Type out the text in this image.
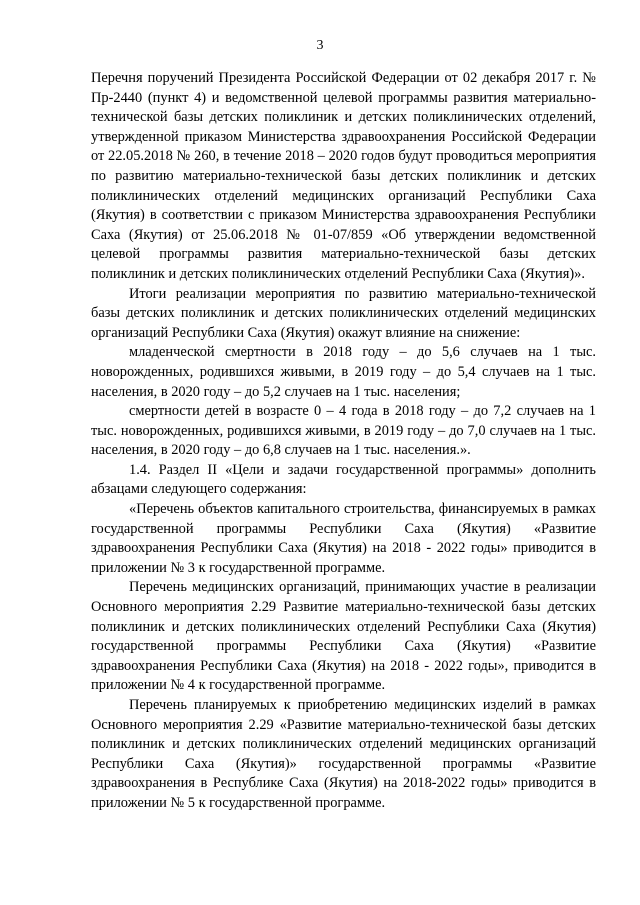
3

Перечня поручений Президента Российской Федерации от 02 декабря 2017 г. № Пр-2440 (пункт 4) и ведомственной целевой программы развития материально-технической базы детских поликлиник и детских поликлинических отделений, утвержденной приказом Министерства здравоохранения Российской Федерации от 22.05.2018 № 260, в течение 2018 – 2020 годов будут проводиться мероприятия по развитию материально-технической базы детских поликлиник и детских поликлинических отделений медицинских организаций Республики Саха (Якутия) в соответствии с приказом Министерства здравоохранения Республики Саха (Якутия) от 25.06.2018 № 01-07/859 «Об утверждении ведомственной целевой программы развития материально-технической базы детских поликлиник и детских поликлинических отделений Республики Саха (Якутия)».

Итоги реализации мероприятия по развитию материально-технической базы детских поликлиник и детских поликлинических отделений медицинских организаций Республики Саха (Якутия) окажут влияние на снижение:

младенческой смертности в 2018 году – до 5,6 случаев на 1 тыс. новорожденных, родившихся живыми, в 2019 году – до 5,4 случаев на 1 тыс. населения, в 2020 году – до 5,2 случаев на 1 тыс. населения;

смертности детей в возрасте 0 – 4 года в 2018 году – до 7,2 случаев на 1 тыс. новорожденных, родившихся живыми, в 2019 году – до 7,0 случаев на 1 тыс. населения, в 2020 году – до 6,8 случаев на 1 тыс. населения.».

1.4. Раздел II «Цели и задачи государственной программы» дополнить абзацами следующего содержания:

«Перечень объектов капитального строительства, финансируемых в рамках государственной программы Республики Саха (Якутия) «Развитие здравоохранения Республики Саха (Якутия) на 2018 - 2022 годы» приводится в приложении № 3 к государственной программе.

Перечень медицинских организаций, принимающих участие в реализации Основного мероприятия 2.29 Развитие материально-технической базы детских поликлиник и детских поликлинических отделений Республики Саха (Якутия) государственной программы Республики Саха (Якутия) «Развитие здравоохранения Республики Саха (Якутия) на 2018 - 2022 годы», приводится в приложении № 4 к государственной программе.

Перечень планируемых к приобретению медицинских изделий в рамках Основного мероприятия 2.29 «Развитие материально-технической базы детских поликлиник и детских поликлинических отделений медицинских организаций Республики Саха (Якутия)» государственной программы «Развитие здравоохранения в Республике Саха (Якутия) на 2018-2022 годы» приводится в приложении № 5 к государственной программе.
